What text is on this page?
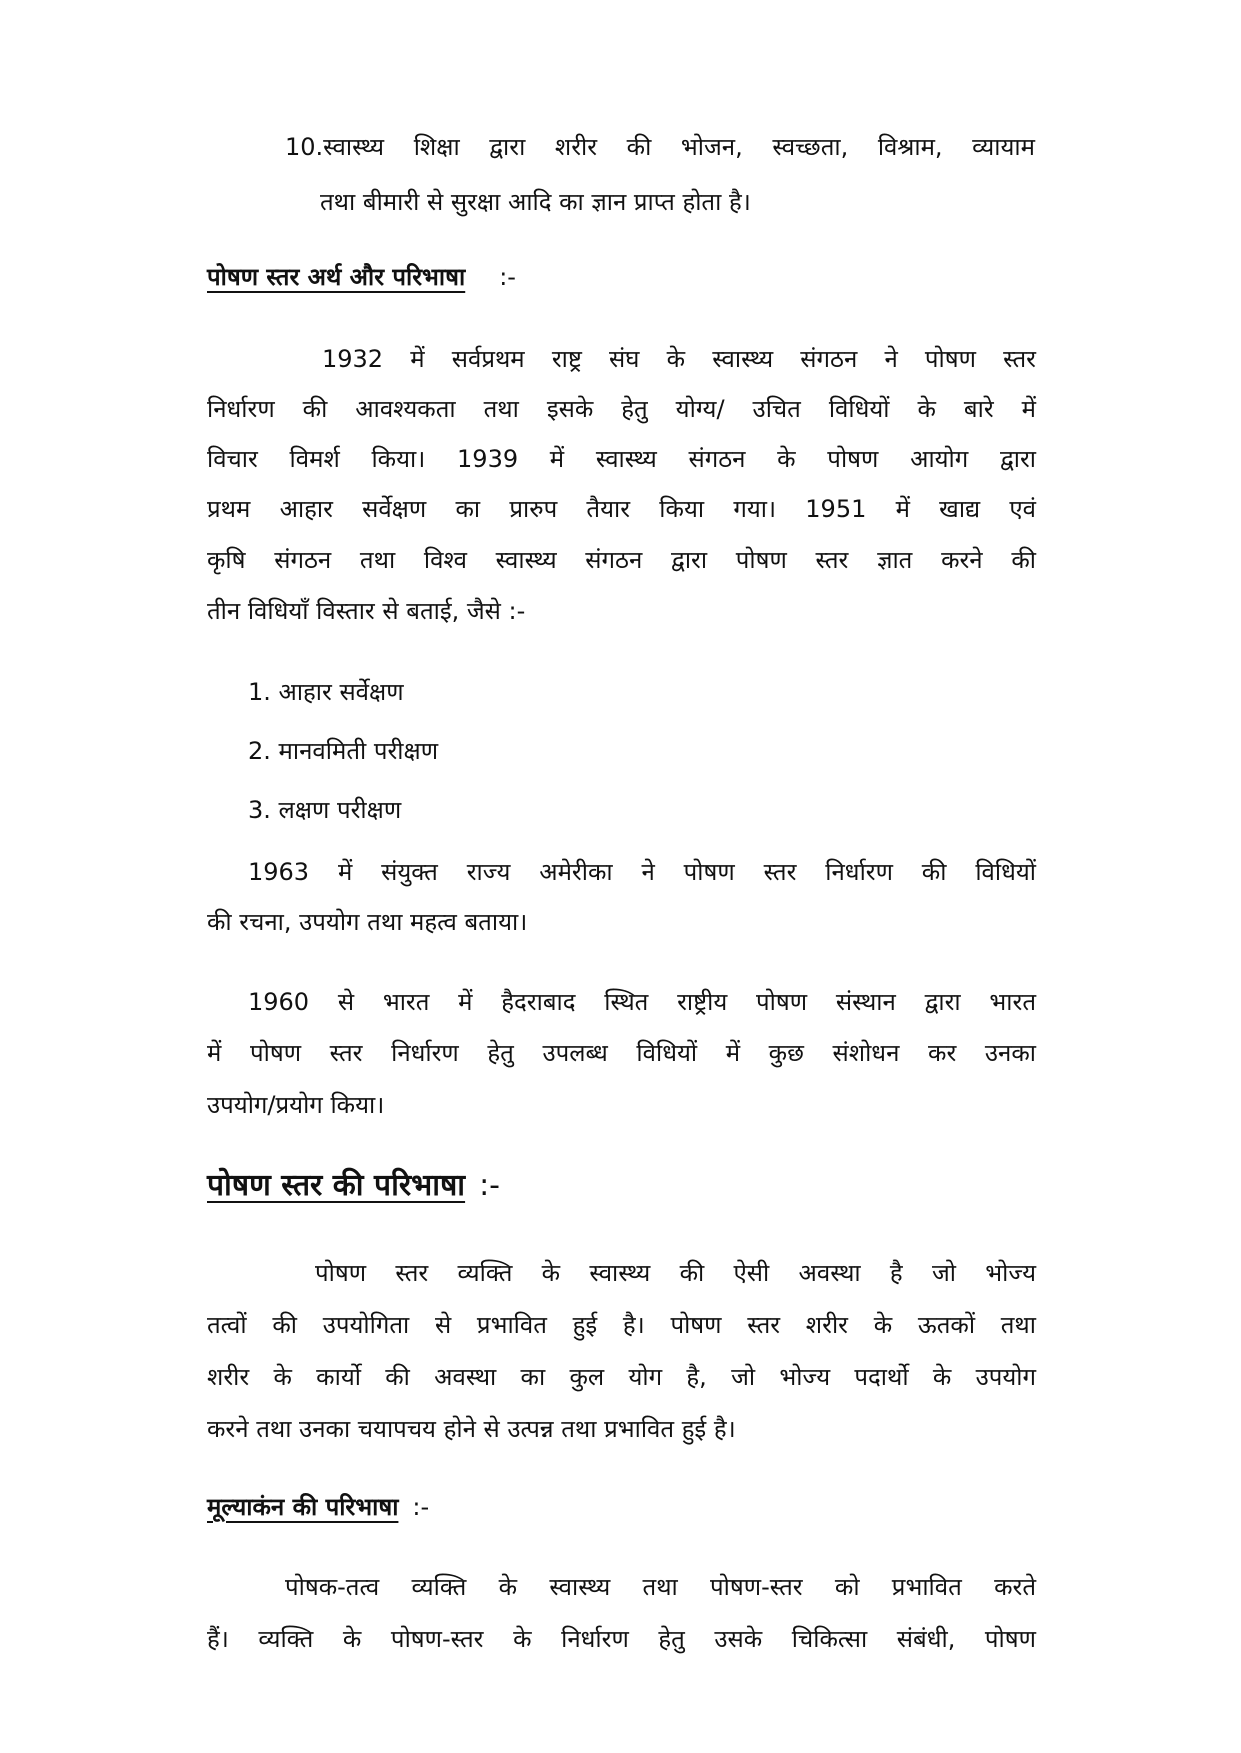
10.स्वास्थ्य शिक्षा द्वारा शरीर की भोजन, स्वच्छता, विश्राम, व्यायाम
तथा बीमारी से सुरक्षा आदि का ज्ञान प्राप्त होता है।
पोषण स्तर अर्थ और परिभाषा :-
1932 में सर्वप्रथम राष्ट्र संघ के स्वास्थ्य संगठन ने पोषण स्तर
निर्धारण की आवश्यकता तथा इसके हेतु योग्य/ उचित विधियों के बारे में
विचार विमर्श किया। 1939 में स्वास्थ्य संगठन के पोषण आयोग द्वारा
प्रथम आहार सर्वेक्षण का प्रारुप तैयार किया गया। 1951 में खाद्य एवं
कृषि संगठन तथा विश्व स्वास्थ्य संगठन द्वारा पोषण स्तर ज्ञात करने की
तीन विधियाँ विस्तार से बताई, जैसे :-
1. आहार सर्वेक्षण
2. मानवमिती परीक्षण
3. लक्षण परीक्षण
1963 में संयुक्त राज्य अमेरीका ने पोषण स्तर निर्धारण की विधियों
की रचना, उपयोग तथा महत्व बताया।
1960 से भारत में हैदराबाद स्थित राष्ट्रीय पोषण संस्थान द्वारा भारत
में पोषण स्तर निर्धारण हेतु उपलब्ध विधियों में कुछ संशोधन कर उनका
उपयोग/प्रयोग किया।
पोषण स्तर की परिभाषा :-
पोषण स्तर व्यक्ति के स्वास्थ्य की ऐसी अवस्था है जो भोज्य
तत्वों की उपयोगिता से प्रभावित हुई है। पोषण स्तर शरीर के ऊतकों तथा
शरीर के कार्यो की अवस्था का कुल योग है, जो भोज्य पदार्थो के उपयोग
करने तथा उनका चयापचय होने से उत्पन्न तथा प्रभावित हुई है।
मूल्याकंन की परिभाषा :-
पोषक-तत्व व्यक्ति के स्वास्थ्य तथा पोषण-स्तर को प्रभावित करते
हैं। व्यक्ति के पोषण-स्तर के निर्धारण हेतु उसके चिकित्सा संबंधी, पोषण
